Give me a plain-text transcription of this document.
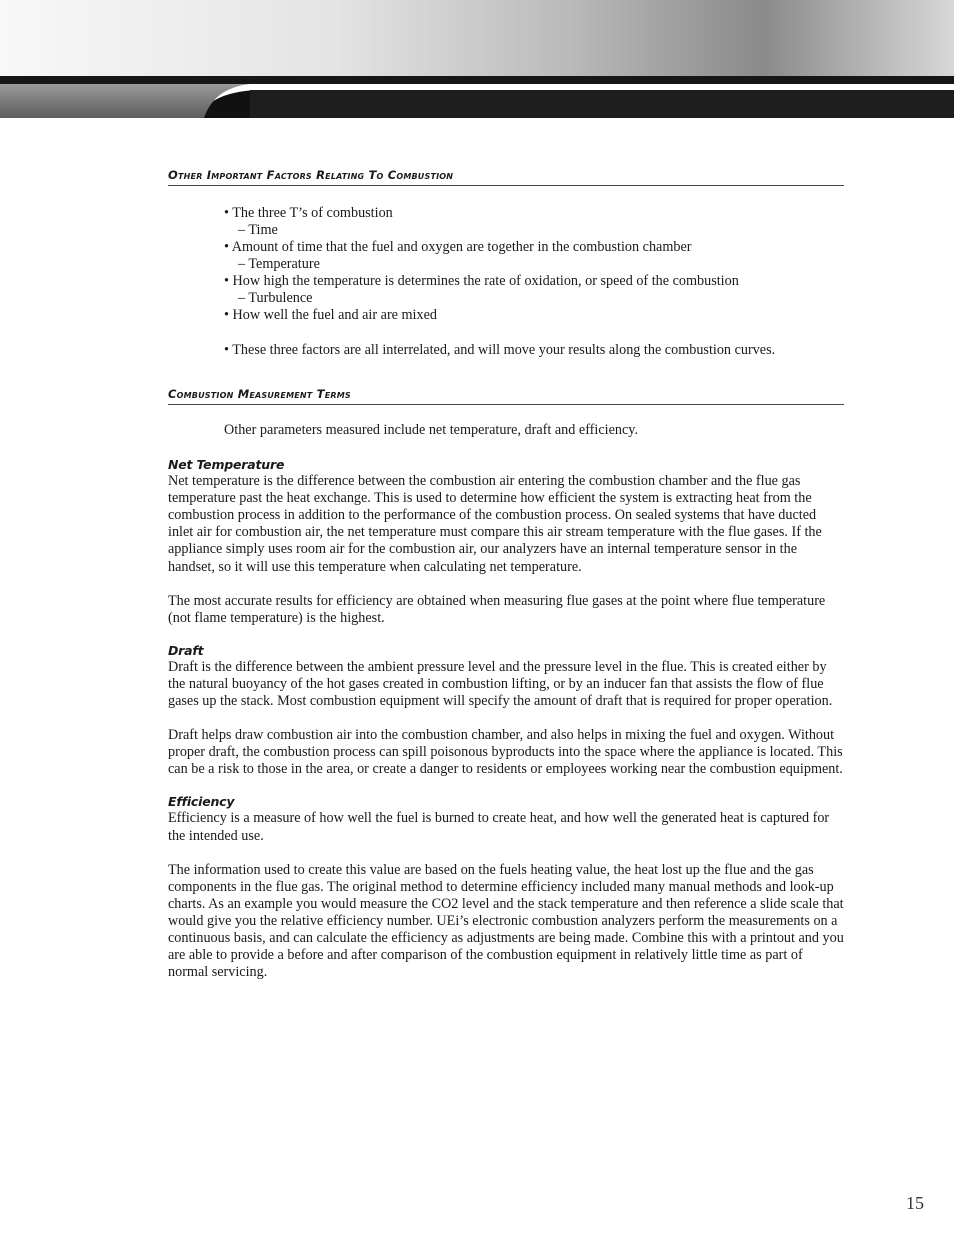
Other Important Factors Relating To Combustion
• The three T’s of combustion
– Time
• Amount of time that the fuel and oxygen are together in the combustion chamber
– Temperature
• How high the temperature is determines the rate of oxidation, or speed of the combustion
– Turbulence
• How well the fuel and air are mixed
• These three factors are all interrelated, and will move your results along the combustion curves.
Combustion Measurement Terms

Other parameters measured include net temperature, draft and efficiency.

Net Temperature

Net temperature is the difference between the combustion air entering the combustion chamber and the flue gas temperature past the heat exchange. This is used to determine how efficient the system is extracting heat from the combustion process in addition to the performance of the combustion process. On sealed systems that have ducted inlet air for combustion air, the net temperature must compare this air stream temperature with the flue gases. If the appliance simply uses room air for the combustion air, our analyzers have an internal temperature sensor in the handset, so it will use this temperature when calculating net temperature.

The most accurate results for efficiency are obtained when measuring flue gases at the point where flue temperature (not flame temperature) is the highest.

Draft

Draft is the difference between the ambient pressure level and the pressure level in the flue. This is created either by the natural buoyancy of the hot gases created in combustion lifting, or by an inducer fan that assists the flow of flue gases up the stack. Most combustion equipment will specify the amount of draft that is required for proper operation.

Draft helps draw combustion air into the combustion chamber, and also helps in mixing the fuel and oxygen. Without proper draft, the combustion process can spill poisonous byproducts into the space where the appliance is located. This can be a risk to those in the area, or create a danger to residents or employees working near the combustion equipment.

Efficiency

Efficiency is a measure of how well the fuel is burned to create heat, and how well the generated heat is captured for the intended use.

The information used to create this value are based on the fuels heating value, the heat lost up the flue and the gas components in the flue gas. The original method to determine efficiency included many manual methods and look-up charts. As an example you would measure the CO2 level and the stack temperature and then reference a slide scale that would give you the relative efficiency number. UEi’s electronic combustion analyzers perform the measurements on a continuous basis, and can calculate the efficiency as adjustments are being made. Combine this with a printout and you are able to provide a before and after comparison of the combustion equipment in relatively little time as part of normal servicing.

15
